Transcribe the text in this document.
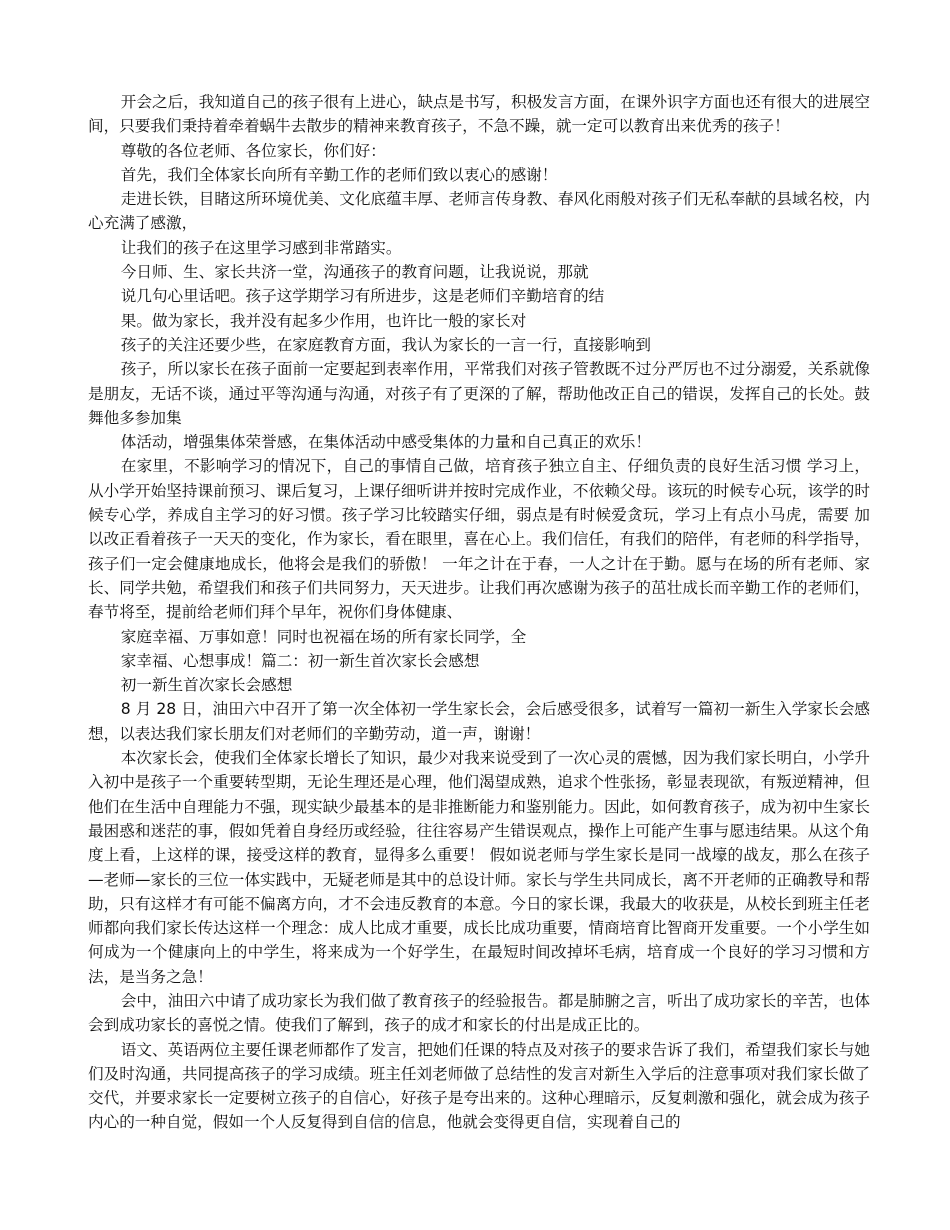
开会之后，我知道自己的孩子很有上进心，缺点是书写，积极发言方面，在课外识字方面也还有很大的进展空间，只要我们秉持着牵着蜗牛去散步的精神来教育孩子，不急不躁，就一定可以教育出来优秀的孩子！

尊敬的各位老师、各位家长，你们好：

首先，我们全体家长向所有辛勤工作的老师们致以衷心的感谢！

走进长铁，目睹这所环境优美、文化底蕴丰厚、老师言传身教、春风化雨般对孩子们无私奉献的县域名校，内心充满了感激，

让我们的孩子在这里学习感到非常踏实。

今日师、生、家长共济一堂，沟通孩子的教育问题，让我说说，那就

说几句心里话吧。孩子这学期学习有所进步，这是老师们辛勤培育的结

果。做为家长，我并没有起多少作用，也许比一般的家长对

孩子的关注还要少些，在家庭教育方面，我认为家长的一言一行，直接影响到

孩子，所以家长在孩子面前一定要起到表率作用，平常我们对孩子管教既不过分严厉也不过分溺爱，关系就像是朋友，无话不谈，通过平等沟通与沟通，对孩子有了更深的了解，帮助他改正自己的错误，发挥自己的长处。鼓舞他多参加集

体活动，增强集体荣誉感，在集体活动中感受集体的力量和自己真正的欢乐！

在家里，不影响学习的情况下，自己的事情自己做，培育孩子独立自主、仔细负责的良好生活习惯 学习上，从小学开始坚持课前预习、课后复习，上课仔细听讲并按时完成作业，不依赖父母。该玩的时候专心玩，该学的时候专心学，养成自主学习的好习惯。孩子学习比较踏实仔细，弱点是有时候爱贪玩，学习上有点小马虎，需要 加以改正看着孩子一天天的变化，作为家长，看在眼里，喜在心上。我们信任，有我们的陪伴，有老师的科学指导，孩子们一定会健康地成长，他将会是我们的骄傲！ 一年之计在于春，一人之计在于勤。愿与在场的所有老师、家长、同学共勉，希望我们和孩子们共同努力，天天进步。让我们再次感谢为孩子的茁壮成长而辛勤工作的老师们，春节将至，提前给老师们拜个早年，祝你们身体健康、

家庭幸福、万事如意！同时也祝福在场的所有家长同学，全

家幸福、心想事成！篇二：初一新生首次家长会感想

初一新生首次家长会感想

8 月 28 日，油田六中召开了第一次全体初一学生家长会，会后感受很多，试着写一篇初一新生入学家长会感想，以表达我们家长朋友们对老师们的辛勤劳动，道一声，谢谢！

本次家长会，使我们全体家长增长了知识，最少对我来说受到了一次心灵的震憾，因为我们家长明白，小学升入初中是孩子一个重要转型期，无论生理还是心理，他们渴望成熟，追求个性张扬，彰显表现欲，有叛逆精神，但他们在生活中自理能力不强，现实缺少最基本的是非推断能力和鉴别能力。因此，如何教育孩子，成为初中生家长最困惑和迷茫的事，假如凭着自身经历或经验，往往容易产生错误观点，操作上可能产生事与愿违结果。从这个角度上看，上这样的课，接受这样的教育，显得多么重要！ 假如说老师与学生家长是同一战壕的战友，那么在孩子—老师—家长的三位一体实践中，无疑老师是其中的总设计师。家长与学生共同成长，离不开老师的正确教导和帮助，只有这样才有可能不偏离方向，才不会违反教育的本意。今日的家长课，我最大的收获是，从校长到班主任老师都向我们家长传达这样一个理念：成人比成才重要，成长比成功重要，情商培育比智商开发重要。一个小学生如何成为一个健康向上的中学生，将来成为一个好学生，在最短时间改掉坏毛病，培育成一个良好的学习习惯和方法，是当务之急！

会中，油田六中请了成功家长为我们做了教育孩子的经验报告。都是肺腑之言，听出了成功家长的辛苦，也体会到成功家长的喜悦之情。使我们了解到，孩子的成才和家长的付出是成正比的。

语文、英语两位主要任课老师都作了发言，把她们任课的特点及对孩子的要求告诉了我们，希望我们家长与她们及时沟通，共同提高孩子的学习成绩。班主任刘老师做了总结性的发言对新生入学后的注意事项对我们家长做了交代，并要求家长一定要树立孩子的自信心，好孩子是夸出来的。这种心理暗示，反复刺激和强化，就会成为孩子内心的一种自觉，假如一个人反复得到自信的信息，他就会变得更自信，实现着自己的
